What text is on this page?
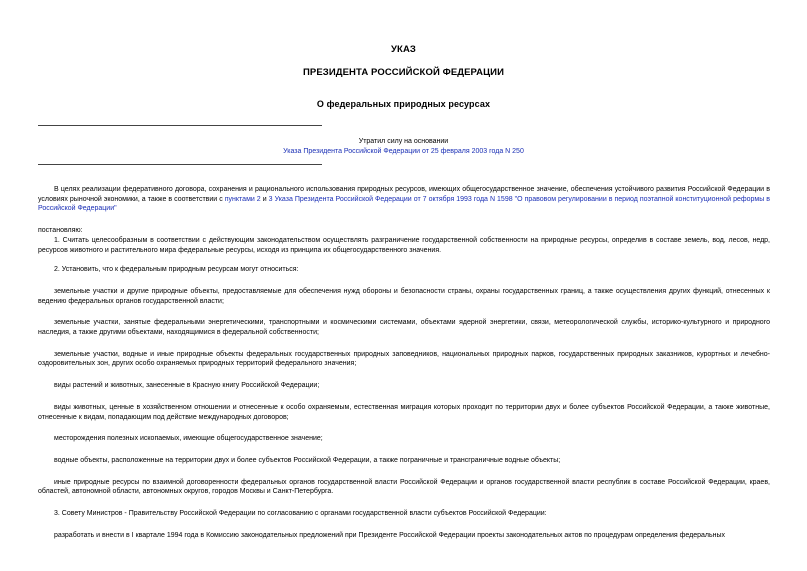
УКАЗ
ПРЕЗИДЕНТА РОССИЙСКОЙ ФЕДЕРАЦИИ
О федеральных природных ресурсах
Утратил силу на основании
Указа Президента Российской Федерации от 25 февраля 2003 года N 250

В целях реализации федеративного договора, сохранения и рационального использования природных ресурсов, имеющих общегосударственное значение, обеспечения устойчивого развития Российской Федерации в условиях рыночной экономики, а также в соответствии с пунктами 2 и 3 Указа Президента Российской Федерации от 7 октября 1993 года N 1598 "О правовом регулировании в период поэтапной конституционной реформы в Российской Федерации"

постановляю:

1. Считать целесообразным в соответствии с действующим законодательством осуществлять разграничение государственной собственности на природные ресурсы, определив в составе земель, вод, лесов, недр, ресурсов животного и растительного мира федеральные ресурсы, исходя из принципа их общегосударственного значения.

2. Установить, что к федеральным природным ресурсам могут относиться:

земельные участки и другие природные объекты, предоставляемые для обеспечения нужд обороны и безопасности страны, охраны государственных границ, а также осуществления других функций, отнесенных к ведению федеральных органов государственной власти;

земельные участки, занятые федеральными энергетическими, транспортными и космическими системами, объектами ядерной энергетики, связи, метеорологической службы, историко-культурного и природного наследия, а также другими объектами, находящимися в федеральной собственности;

земельные участки, водные и иные природные объекты федеральных государственных природных заповедников, национальных природных парков, государственных природных заказников, курортных и лечебно-оздоровительных зон, других особо охраняемых природных территорий федерального значения;

виды растений и животных, занесенные в Красную книгу Российской Федерации;

виды животных, ценные в хозяйственном отношении и отнесенные к особо охраняемым, естественная миграция которых проходит по территории двух и более субъектов Российской Федерации, а также животные, отнесенные к видам, попадающим под действие международных договоров;

месторождения полезных ископаемых, имеющие общегосударственное значение;

водные объекты, расположенные на территории двух и более субъектов Российской Федерации, а также пограничные и трансграничные водные объекты;

иные природные ресурсы по взаимной договоренности федеральных органов государственной власти Российской Федерации и органов государственной власти республик в составе Российской Федерации, краев, областей, автономной области, автономных округов, городов Москвы и Санкт-Петербурга.

3. Совету Министров - Правительству Российской Федерации по согласованию с органами государственной власти субъектов Российской Федерации:

разработать и внести в I квартале 1994 года в Комиссию законодательных предложений при Президенте Российской Федерации проекты законодательных актов по процедурам определения федеральных
